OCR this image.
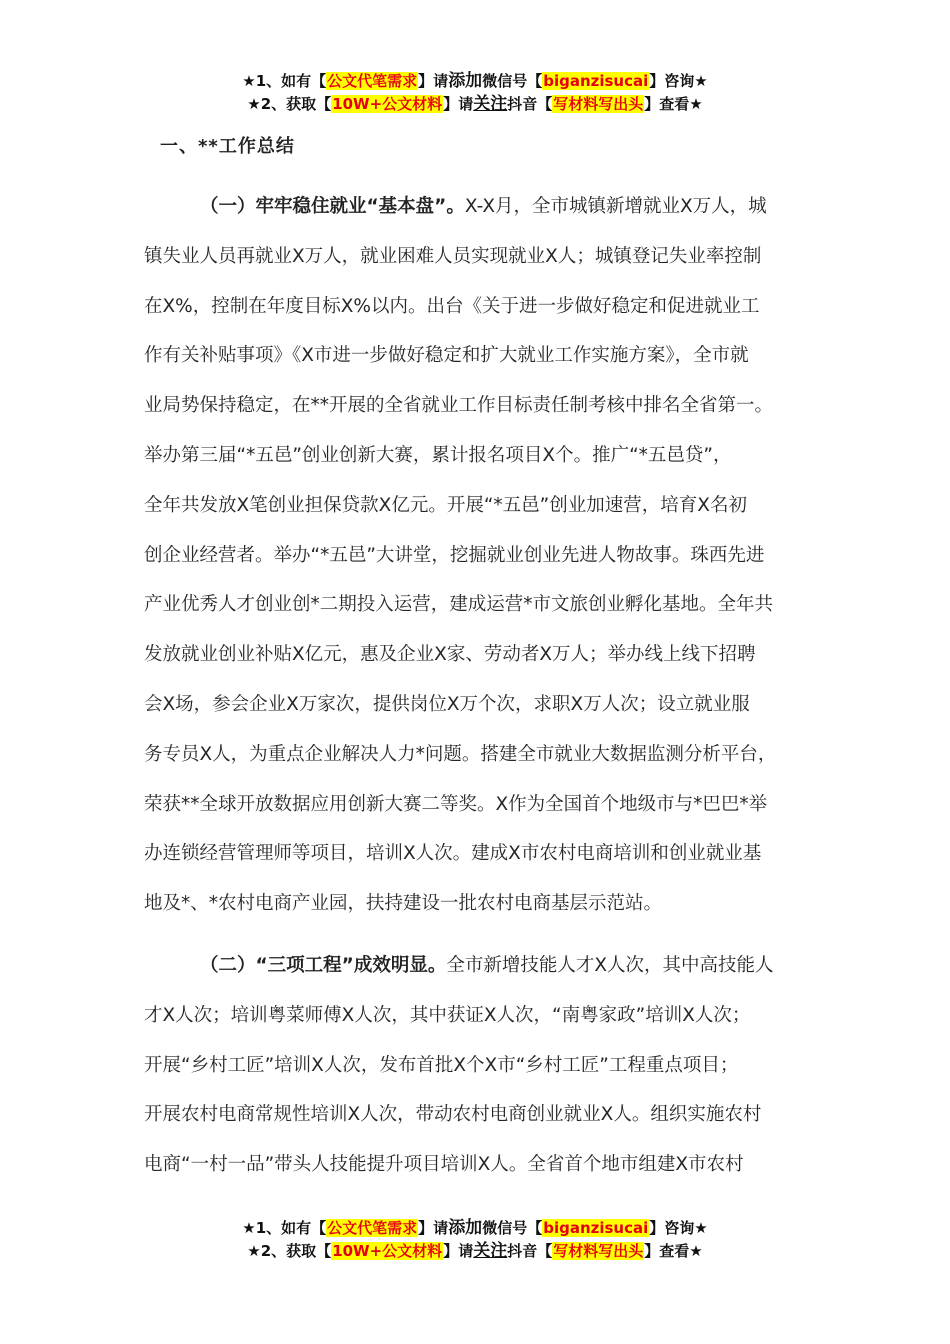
★1、如有【公文代笔需求】请添加微信号【biganzisucai】咨询★
★2、获取【10W+公文材料】请关注抖音【写材料写出头】查看★
一、**工作总结
（一）牢牢稳住就业“基本盘”。X-X月，全市城镇新增就业X万人，城
镇失业人员再就业X万人，就业困难人员实现就业X人；城镇登记失业率控制
在X%，控制在年度目标X%以内。出台《关于进一步做好稳定和促进就业工
作有关补贴事项》《X市进一步做好稳定和扩大就业工作实施方案》，全市就
业局势保持稳定，在**开展的全省就业工作目标责任制考核中排名全省第一。
举办第三届“*五邑”创业创新大赛，累计报名项目X个。推广“*五邑贷”，
全年共发放X笔创业担保贷款X亿元。开展“*五邑”创业加速营，培育X名初
创企业经营者。举办“*五邑”大讲堂，挖掘就业创业先进人物故事。珠西先进
产业优秀人才创业创*二期投入运营，建成运营*市文旅创业孵化基地。全年共
发放就业创业补贴X亿元，惠及企业X家、劳动者X万人；举办线上线下招聘
会X场，参会企业X万家次，提供岗位X万个次，求职X万人次；设立就业服
务专员X人，为重点企业解决人力*问题。搭建全市就业大数据监测分析平台，
荣获**全球开放数据应用创新大赛二等奖。X作为全国首个地级市与*巴巴*举
办连锁经营管理师等项目，培训X人次。建成X市农村电商培训和创业就业基
地及*、*农村电商产业园，扶持建设一批农村电商基层示范站。
（二）“三项工程”成效明显。全市新增技能人才X人次，其中高技能人
才X人次；培训粤菜师傅X人次，其中获证X人次，“南粤家政”培训X人次；
开展“乡村工匠”培训X人次，发布首批X个X市“乡村工匠”工程重点项目；
开展农村电商常规性培训X人次，带动农村电商创业就业X人。组织实施农村
电商“一村一品”带头人技能提升项目培训X人。全省首个地市组建X市农村
★1、如有【公文代笔需求】请添加微信号【biganzisucai】咨询★
★2、获取【10W+公文材料】请关注抖音【写材料写出头】查看★
